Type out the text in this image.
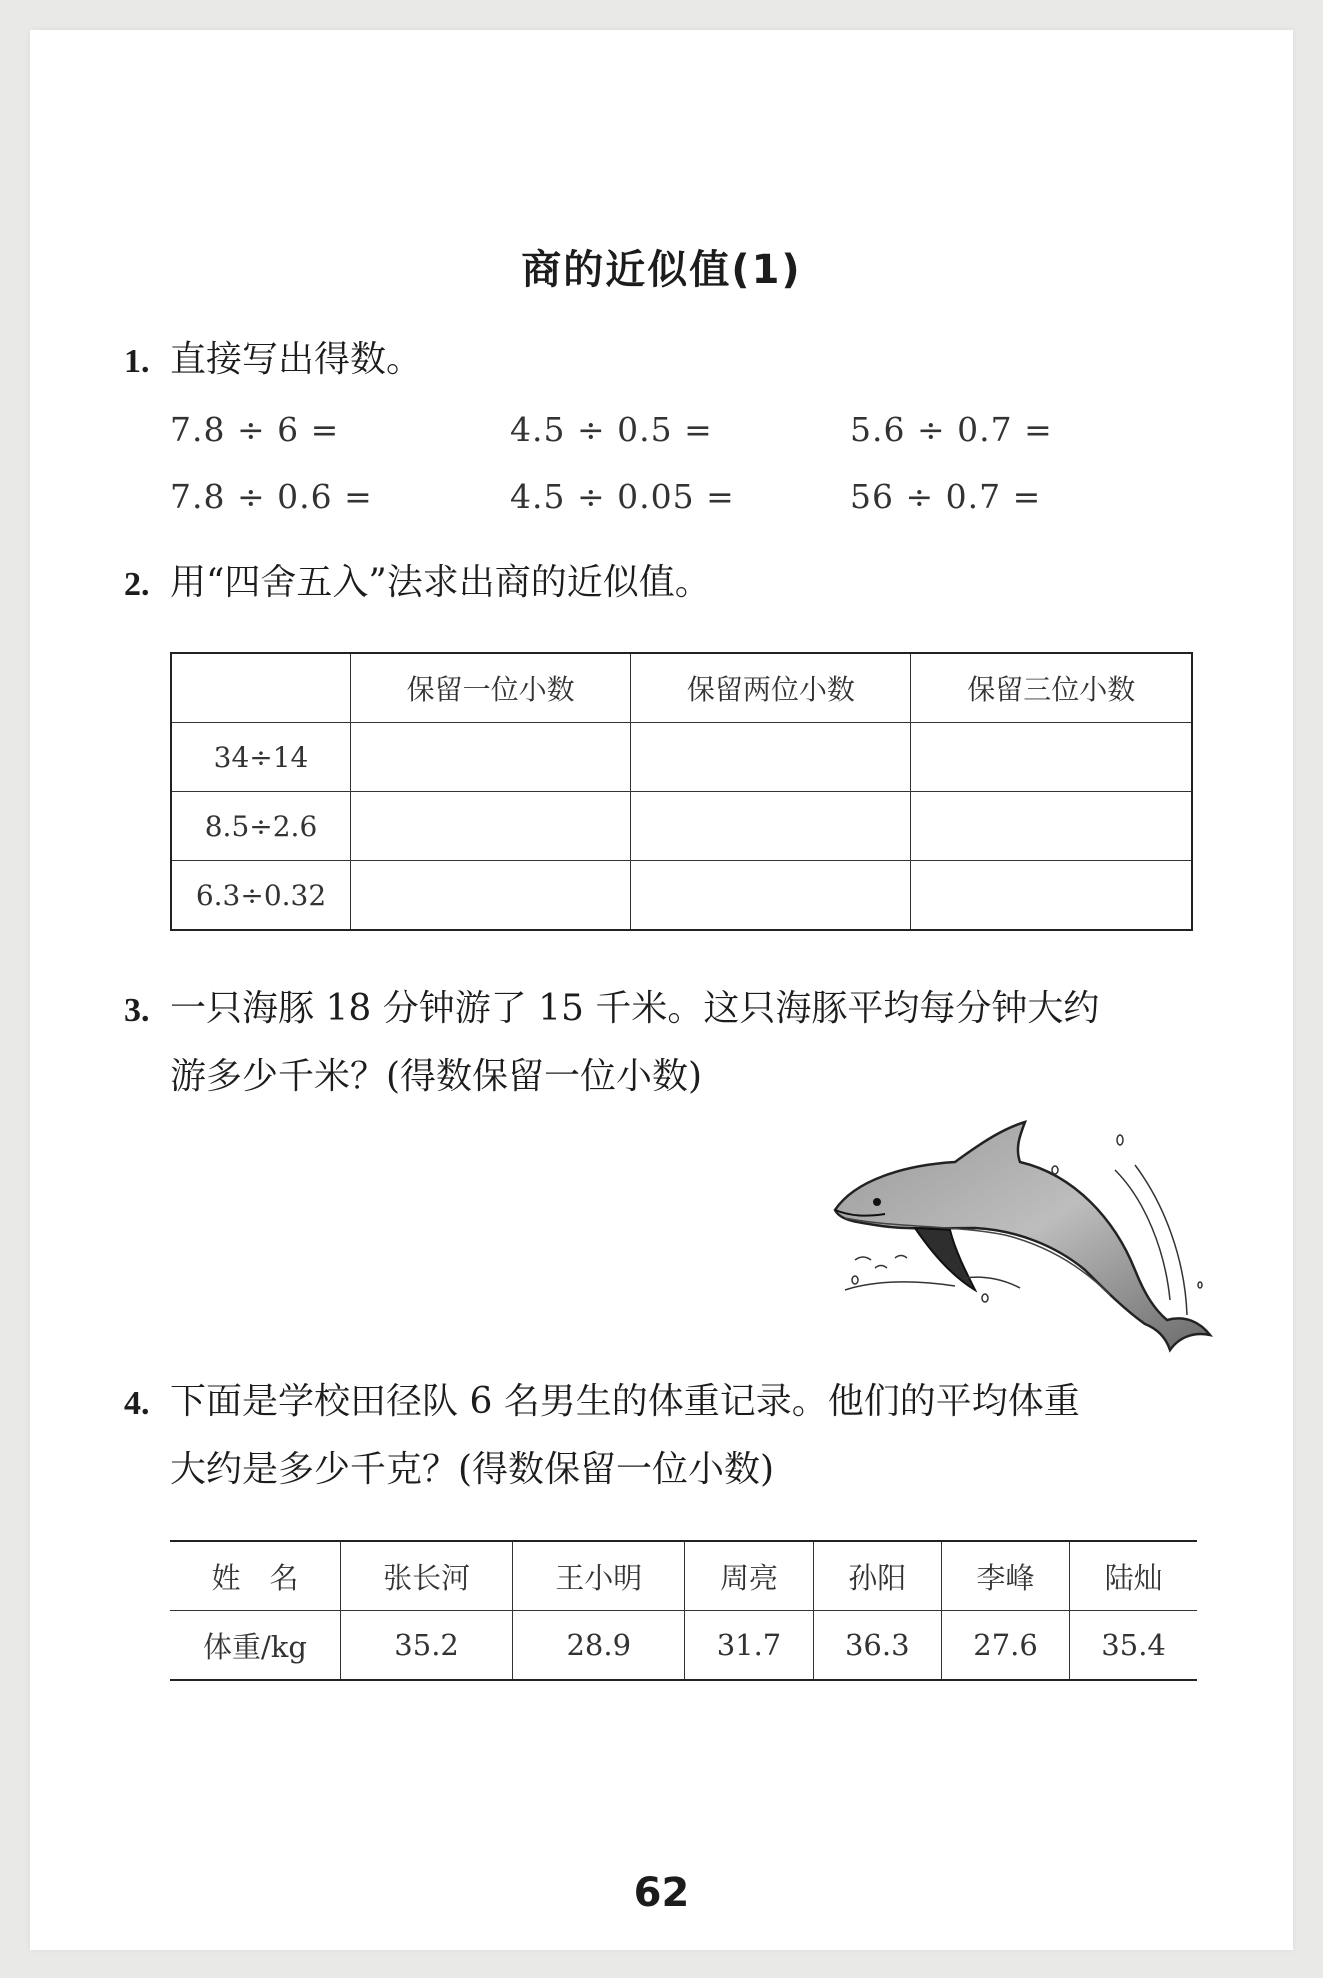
商的近似值(1)
1. 直接写出得数。
7.8 ÷ 6 =	4.5 ÷ 0.5 =	5.6 ÷ 0.7 =
7.8 ÷ 0.6 =	4.5 ÷ 0.05 =	56 ÷ 0.7 =
2. 用“四舍五入”法求出商的近似值。
	保留一位小数	保留两位小数	保留三位小数
34÷14			
8.5÷2.6			
6.3÷0.32			
3. 一只海豚 18 分钟游了 15 千米。这只海豚平均每分钟大约
游多少千米？(得数保留一位小数)
4. 下面是学校田径队 6 名男生的体重记录。他们的平均体重
大约是多少千克？(得数保留一位小数)
姓　名	张长河	王小明	周亮	孙阳	李峰	陆灿
体重/kg	35.2	28.9	31.7	36.3	27.6	35.4
62
